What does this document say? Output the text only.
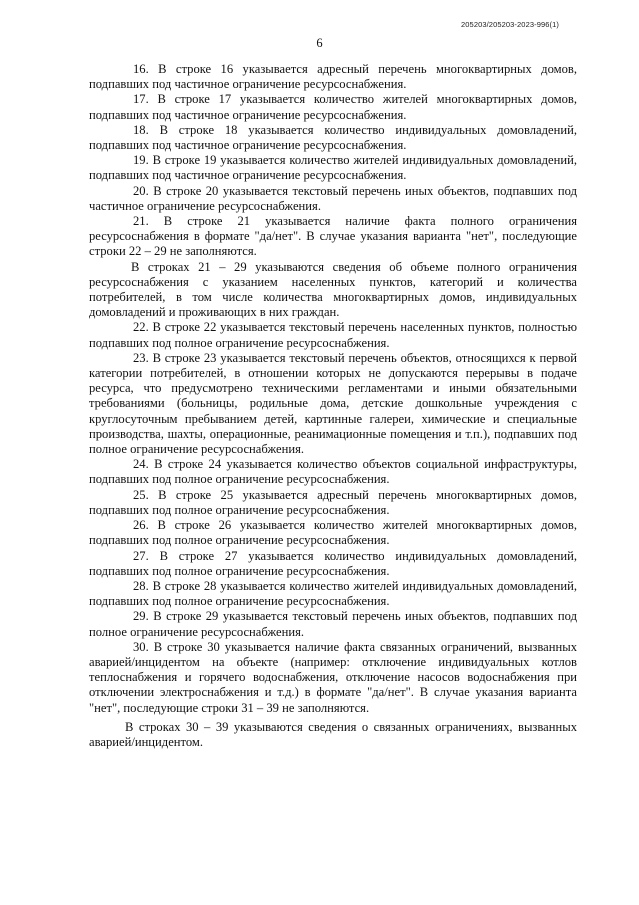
205203/205203-2023-996(1)
6

16. В строке 16 указывается адресный перечень многоквартирных домов, подпавших под частичное ограничение ресурсоснабжения.

17. В строке 17 указывается количество жителей многоквартирных домов, подпавших под частичное ограничение ресурсоснабжения.

18. В строке 18 указывается количество индивидуальных домовладений, подпавших под частичное ограничение ресурсоснабжения.

19. В строке 19 указывается количество жителей индивидуальных домовладений, подпавших под частичное ограничение ресурсоснабжения.

20. В строке 20 указывается текстовый перечень иных объектов, подпавших под частичное ограничение ресурсоснабжения.

21. В строке 21 указывается наличие факта полного ограничения ресурсоснабжения в формате "да/нет". В случае указания варианта "нет", последующие строки 22 – 29 не заполняются.

В строках 21 – 29 указываются сведения об объеме полного ограничения ресурсоснабжения с указанием населенных пунктов, категорий и количества потребителей, в том числе количества многоквартирных домов, индивидуальных домовладений и проживающих в них граждан.

22. В строке 22 указывается текстовый перечень населенных пунктов, полностью подпавших под полное ограничение ресурсоснабжения.

23. В строке 23 указывается текстовый перечень объектов, относящихся к первой категории потребителей, в отношении которых не допускаются перерывы в подаче ресурса, что предусмотрено техническими регламентами и иными обязательными требованиями (больницы, родильные дома, детские дошкольные учреждения с круглосуточным пребыванием детей, картинные галереи, химические и специальные производства, шахты, операционные, реанимационные помещения и т.п.), подпавших под полное ограничение ресурсоснабжения.

24. В строке 24 указывается количество объектов социальной инфраструктуры, подпавших под полное ограничение ресурсоснабжения.

25. В строке 25 указывается адресный перечень многоквартирных домов, подпавших под полное ограничение ресурсоснабжения.

26. В строке 26 указывается количество жителей многоквартирных домов, подпавших под полное ограничение ресурсоснабжения.

27. В строке 27 указывается количество индивидуальных домовладений, подпавших под полное ограничение ресурсоснабжения.

28. В строке 28 указывается количество жителей индивидуальных домовладений, подпавших под полное ограничение ресурсоснабжения.

29. В строке 29 указывается текстовый перечень иных объектов, подпавших под полное ограничение ресурсоснабжения.

30. В строке 30 указывается наличие факта связанных ограничений, вызванных аварией/инцидентом на объекте (например: отключение индивидуальных котлов теплоснабжения и горячего водоснабжения, отключение насосов водоснабжения при отключении электроснабжения и т.д.) в формате "да/нет". В случае указания варианта "нет", последующие строки 31 – 39 не заполняются.

В строках 30 – 39 указываются сведения о связанных ограничениях, вызванных аварией/инцидентом.
